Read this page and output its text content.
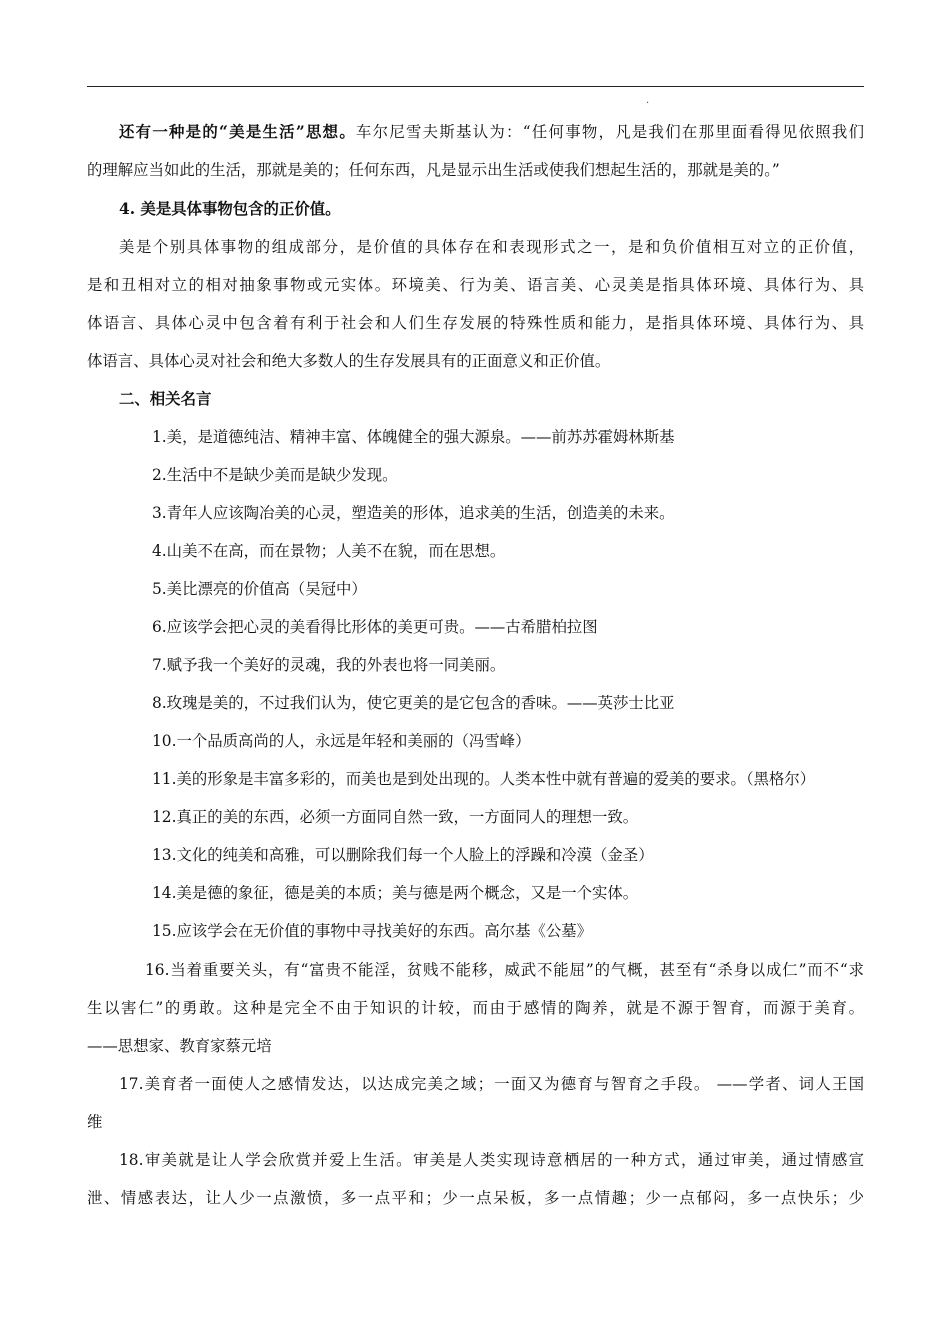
.
还有一种是的“美是生活”思想。车尔尼雪夫斯基认为：“任何事物，凡是我们在那里面看得见依照我们
的理解应当如此的生活，那就是美的；任何东西，凡是显示出生活或使我们想起生活的，那就是美的。”
4. 美是具体事物包含的正价值。
美是个别具体事物的组成部分，是价值的具体存在和表现形式之一，是和负价值相互对立的正价值，
是和丑相对立的相对抽象事物或元实体。环境美、行为美、语言美、心灵美是指具体环境、具体行为、具
体语言、具体心灵中包含着有利于社会和人们生存发展的特殊性质和能力，是指具体环境、具体行为、具
体语言、具体心灵对社会和绝大多数人的生存发展具有的正面意义和正价值。
二、相关名言
1.美，是道德纯洁、精神丰富、体魄健全的强大源泉。——前苏苏霍姆林斯基
2.生活中不是缺少美而是缺少发现。
3.青年人应该陶冶美的心灵，塑造美的形体，追求美的生活，创造美的未来。
4.山美不在高，而在景物；人美不在貌，而在思想。
5.美比漂亮的价值高（吴冠中）
6.应该学会把心灵的美看得比形体的美更可贵。——古希腊柏拉图
7.赋予我一个美好的灵魂，我的外表也将一同美丽。
8.玫瑰是美的，不过我们认为，使它更美的是它包含的香味。——英莎士比亚
10.一个品质高尚的人，永远是年轻和美丽的（冯雪峰）
11.美的形象是丰富多彩的，而美也是到处出现的。人类本性中就有普遍的爱美的要求。（黑格尔）
12.真正的美的东西，必须一方面同自然一致，一方面同人的理想一致。
13.文化的纯美和高雅，可以删除我们每一个人脸上的浮躁和冷漠（金圣）
14.美是德的象征，德是美的本质；美与德是两个概念，又是一个实体。
15.应该学会在无价值的事物中寻找美好的东西。高尔基《公墓》
16.当着重要关头，有“富贵不能淫，贫贱不能移，威武不能屈”的气概，甚至有“杀身以成仁”而不“求
生以害仁”的勇敢。这种是完全不由于知识的计较，而由于感情的陶养，就是不源于智育，而源于美育。
——思想家、教育家蔡元培
17.美育者一面使人之感情发达，以达成完美之域；一面又为德育与智育之手段。 ——学者、词人王国
维
18.审美就是让人学会欣赏并爱上生活。审美是人类实现诗意栖居的一种方式，通过审美，通过情感宣
泄、情感表达，让人少一点激愤，多一点平和；少一点呆板，多一点情趣；少一点郁闷，多一点快乐；少
